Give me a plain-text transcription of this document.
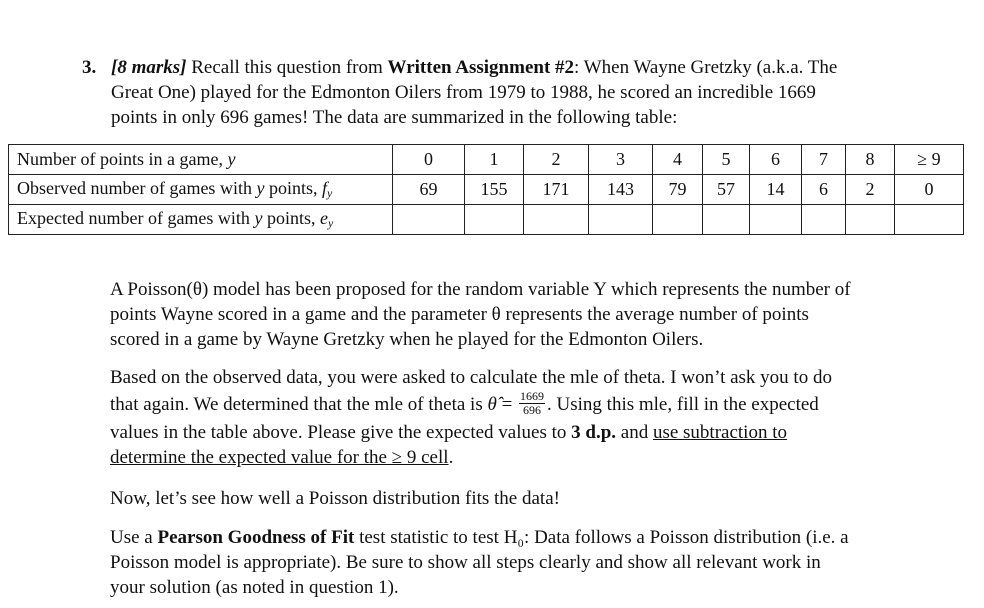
3. [8 marks] Recall this question from Written Assignment #2: When Wayne Gretzky (a.k.a. The
Great One) played for the Edmonton Oilers from 1979 to 1988, he scored an incredible 1669
points in only 696 games! The data are summarized in the following table:
Number of points in a game, y	0	1	2	3	4	5	6	7	8	≥ 9
Observed number of games with y points, $f_y$	69	155	171	143	79	57	14	6	2	0
Expected number of games with y points, $e_y$										
A Poisson(θ) model has been proposed for the random variable Y which represents the number of
points Wayne scored in a game and the parameter θ represents the average number of points
scored in a game by Wayne Gretzky when he played for the Edmonton Oilers.
Based on the observed data, you were asked to calculate the mle of theta. I won’t ask you to do
that again. We determined that the mle of theta is θ̂ = $\frac{1669}{696}$ . Using this mle, fill in the expected
values in the table above. Please give the expected values to 3 d.p. and use subtraction to
determine the expected value for the ≥ 9 cell.
Now, let’s see how well a Poisson distribution fits the data!
Use a Pearson Goodness of Fit test statistic to test H₀: Data follows a Poisson distribution (i.e. a
Poisson model is appropriate). Be sure to show all steps clearly and show all relevant work in
your solution (as noted in question 1).
